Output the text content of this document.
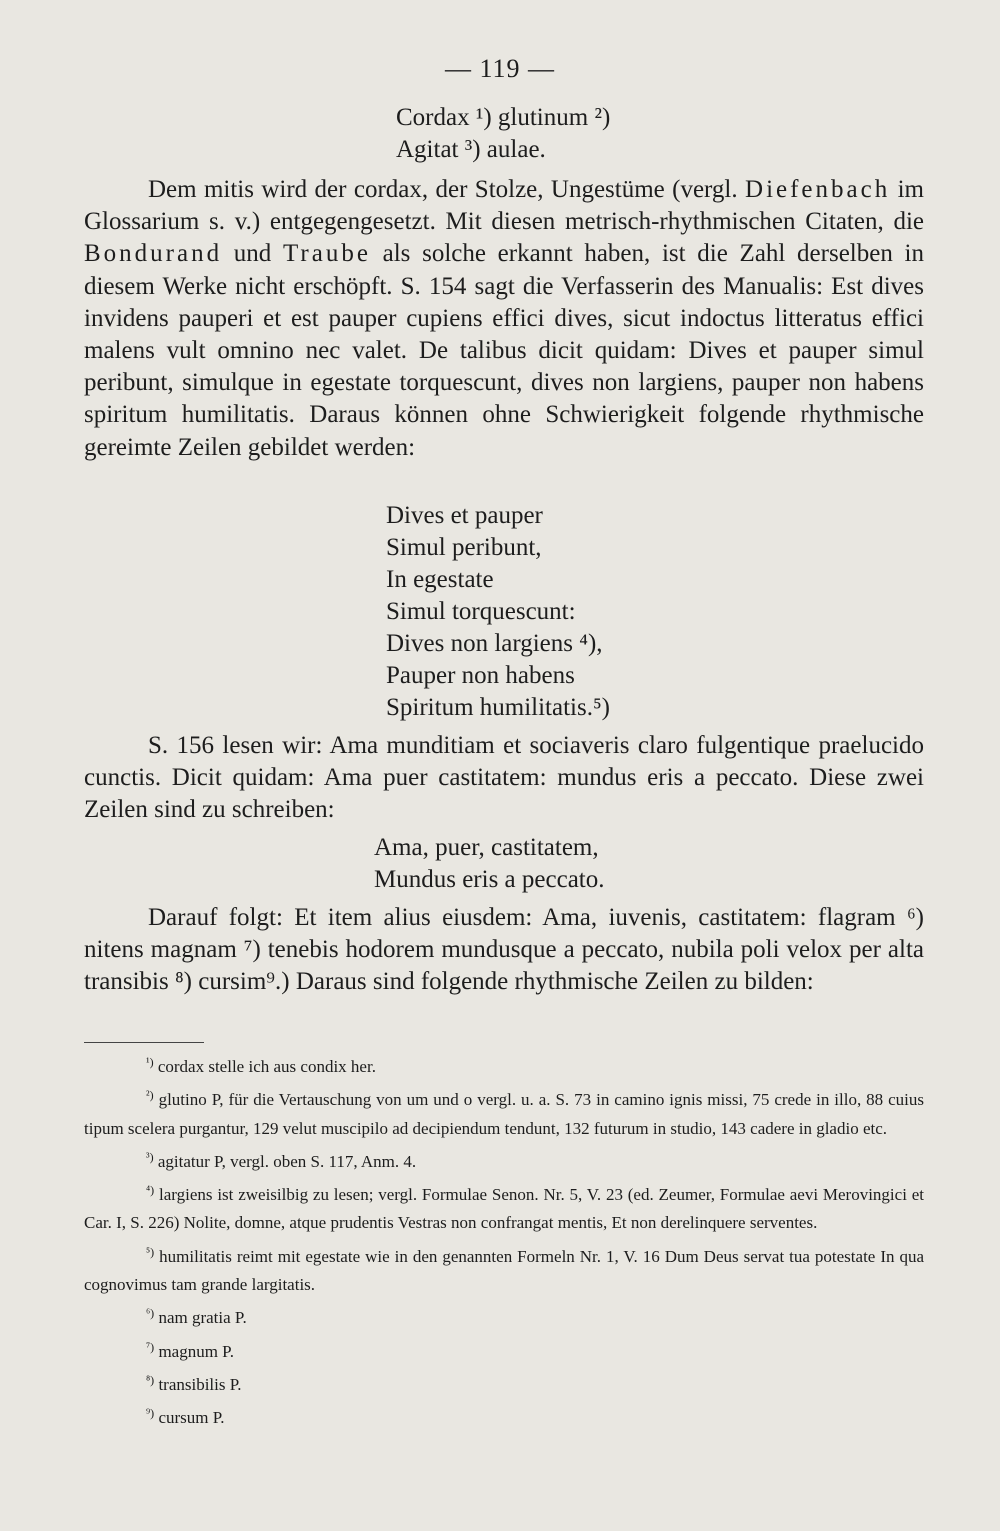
— 119 —
Cordax ¹) glutinum ²)
Agitat ³) aulae.

Dem mitis wird der cordax, der Stolze, Ungestüme (vergl. Diefenbach im Glossarium s. v.) entgegengesetzt. Mit diesen metrisch-rhythmischen Citaten, die Bondurand und Traube als solche erkannt haben, ist die Zahl derselben in diesem Werke nicht erschöpft. S. 154 sagt die Verfasserin des Manualis: Est dives invidens pauperi et est pauper cupiens effici dives, sicut indoctus litteratus effici malens vult omnino nec valet. De talibus dicit quidam: Dives et pauper simul peribunt, simulque in egestate torquescunt, dives non largiens, pauper non habens spiritum humilitatis. Daraus können ohne Schwierigkeit folgende rhythmische gereimte Zeilen gebildet werden:

Dives et pauper
Simul peribunt,
In egestate
Simul torquescunt:
Dives non largiens ⁴),
Pauper non habens
Spiritum humilitatis.⁵)

S. 156 lesen wir: Ama munditiam et sociaveris claro fulgentique praelucido cunctis. Dicit quidam: Ama puer castitatem: mundus eris a peccato. Diese zwei Zeilen sind zu schreiben:

Ama, puer, castitatem,
Mundus eris a peccato.

Darauf folgt: Et item alius eiusdem: Ama, iuvenis, castitatem: flagram ⁶) nitens magnam ⁷) tenebis hodorem mundusque a peccato, nubila poli velox per alta transibis ⁸) cursim⁹.) Daraus sind folgende rhythmische Zeilen zu bilden:

$^{^1)}$ cordax stelle ich aus condix her.

$^{^2)}$ glutino P, für die Vertauschung von um und o vergl. u. a. S. 73 in camino ignis missi, 75 crede in illo, 88 cuius tipum scelera purgantur, 129 velut muscipilo ad decipiendum tendunt, 132 futurum in studio, 143 cadere in gladio etc.

$^{^3)}$ agitatur P, vergl. oben S. 117, Anm. 4.

$^{^4)}$ largiens ist zweisilbig zu lesen; vergl. Formulae Senon. Nr. 5, V. 23 (ed. Zeumer, Formulae aevi Merovingici et Car. I, S. 226) Nolite, domne, atque prudentis Vestras non confrangat mentis, Et non derelinquere serventes.

$^{^5)}$ humilitatis reimt mit egestate wie in den genannten Formeln Nr. 1, V. 16 Dum Deus servat tua potestate In qua cognovimus tam grande largitatis.

$^{^6)}$ nam gratia P.

$^{^7)}$ magnum P.

$^{^8)}$ transibilis P.

$^{^9)}$ cursum P.
